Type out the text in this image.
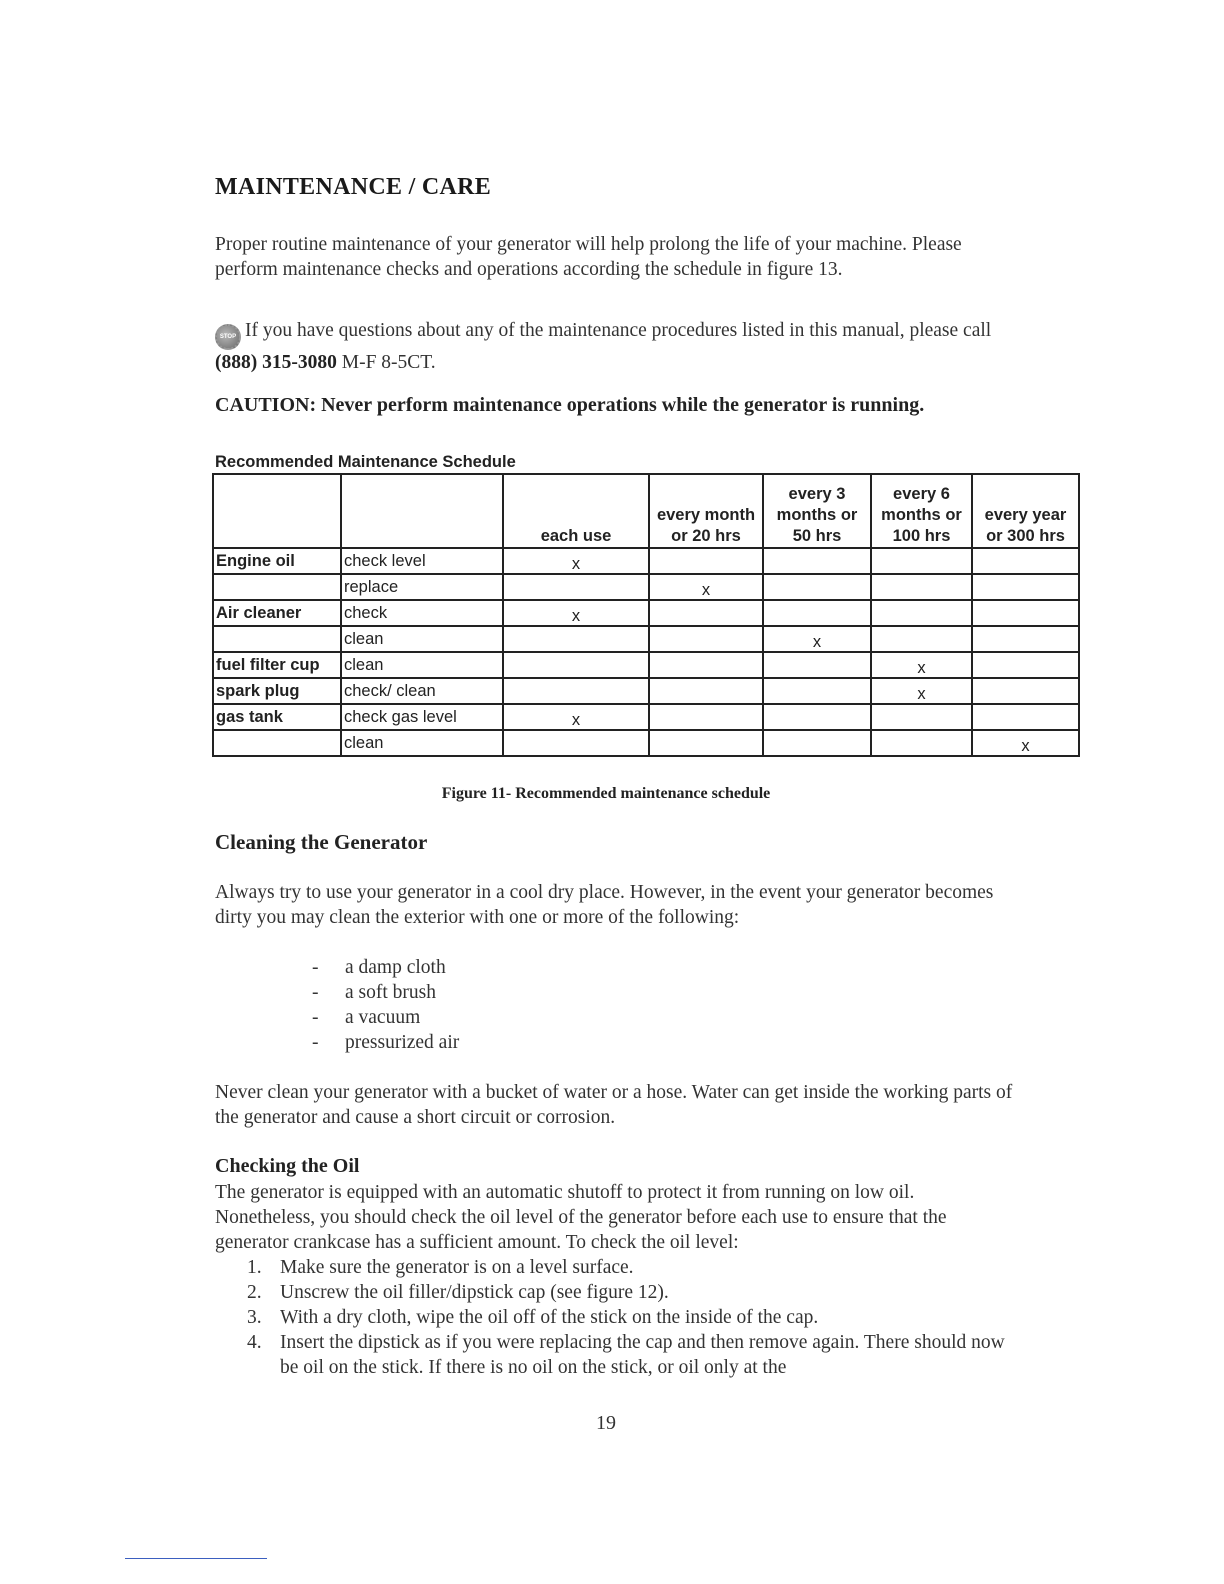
MAINTENANCE / CARE
Proper routine maintenance of your generator will help prolong the life of your machine. Please perform maintenance checks and operations according the schedule in figure 13.
STOP If you have questions about any of the maintenance procedures listed in this manual, please call (888) 315-3080 M-F 8-5CT.
CAUTION: Never perform maintenance operations while the generator is running.
Recommended Maintenance Schedule
		each use	every month or 20 hrs	every 3 months or 50 hrs	every 6 months or 100 hrs	every year or 300 hrs
Engine oil	check level	x				
	replace		x			
Air cleaner	check	x				
	clean			x		
fuel filter cup	clean				x	
spark plug	check/ clean				x	
gas tank	check gas level	x				
	clean					x
Figure 11- Recommended maintenance schedule
Cleaning the Generator
Always try to use your generator in a cool dry place. However, in the event your generator becomes dirty you may clean the exterior with one or more of the following:
- a damp cloth
- a soft brush
- a vacuum
- pressurized air
Never clean your generator with a bucket of water or a hose. Water can get inside the working parts of the generator and cause a short circuit or corrosion.
Checking the Oil
The generator is equipped with an automatic shutoff to protect it from running on low oil. Nonetheless, you should check the oil level of the generator before each use to ensure that the generator crankcase has a sufficient amount. To check the oil level:
1. Make sure the generator is on a level surface.
2. Unscrew the oil filler/dipstick cap (see figure 12).
3. With a dry cloth, wipe the oil off of the stick on the inside of the cap.
4. Insert the dipstick as if you were replacing the cap and then remove again. There should now be oil on the stick. If there is no oil on the stick, or oil only at the
19
